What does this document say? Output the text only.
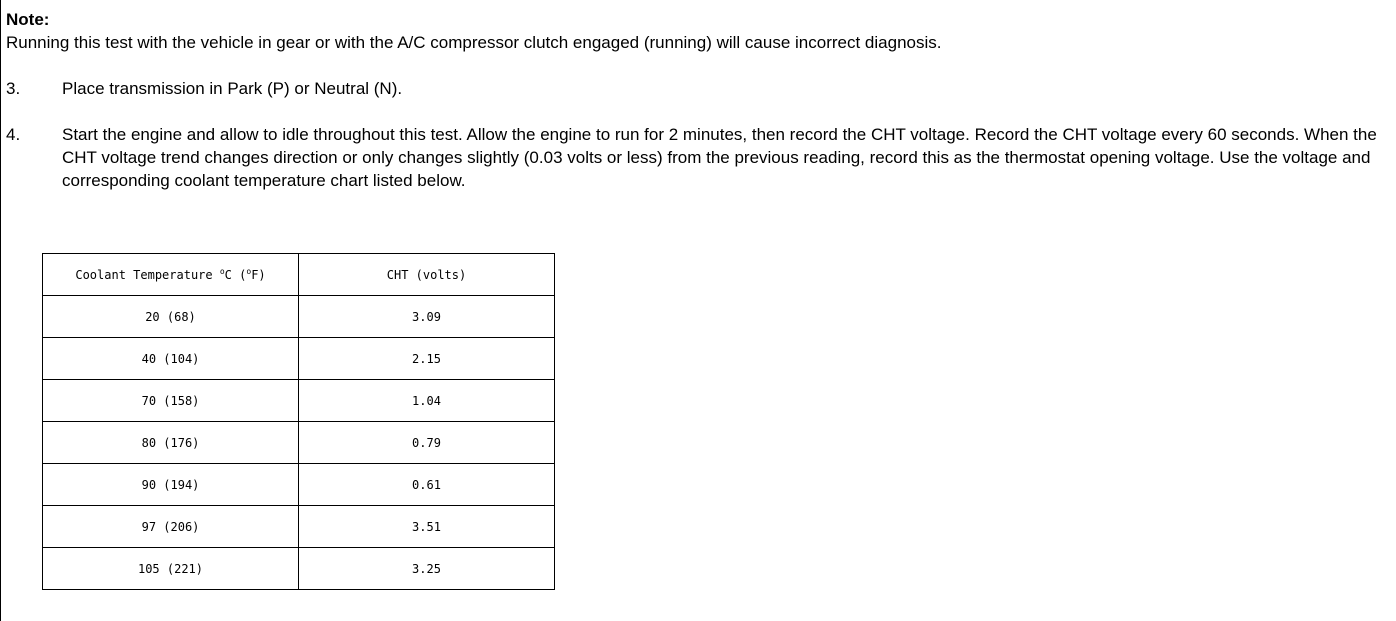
Note:
Running this test with the vehicle in gear or with the A/C compressor clutch engaged (running) will cause incorrect diagnosis.
3. Place transmission in Park (P) or Neutral (N).
4. Start the engine and allow to idle throughout this test. Allow the engine to run for 2 minutes, then record the CHT voltage. Record the CHT voltage every 60 seconds. When the CHT voltage trend changes direction or only changes slightly (0.03 volts or less) from the previous reading, record this as the thermostat opening voltage. Use the voltage and corresponding coolant temperature chart listed below.
Coolant Temperature $^o$C ($^o$F)	CHT (volts)
20 (68)	3.09
40 (104)	2.15
70 (158)	1.04
80 (176)	0.79
90 (194)	0.61
97 (206)	3.51
105 (221)	3.25
